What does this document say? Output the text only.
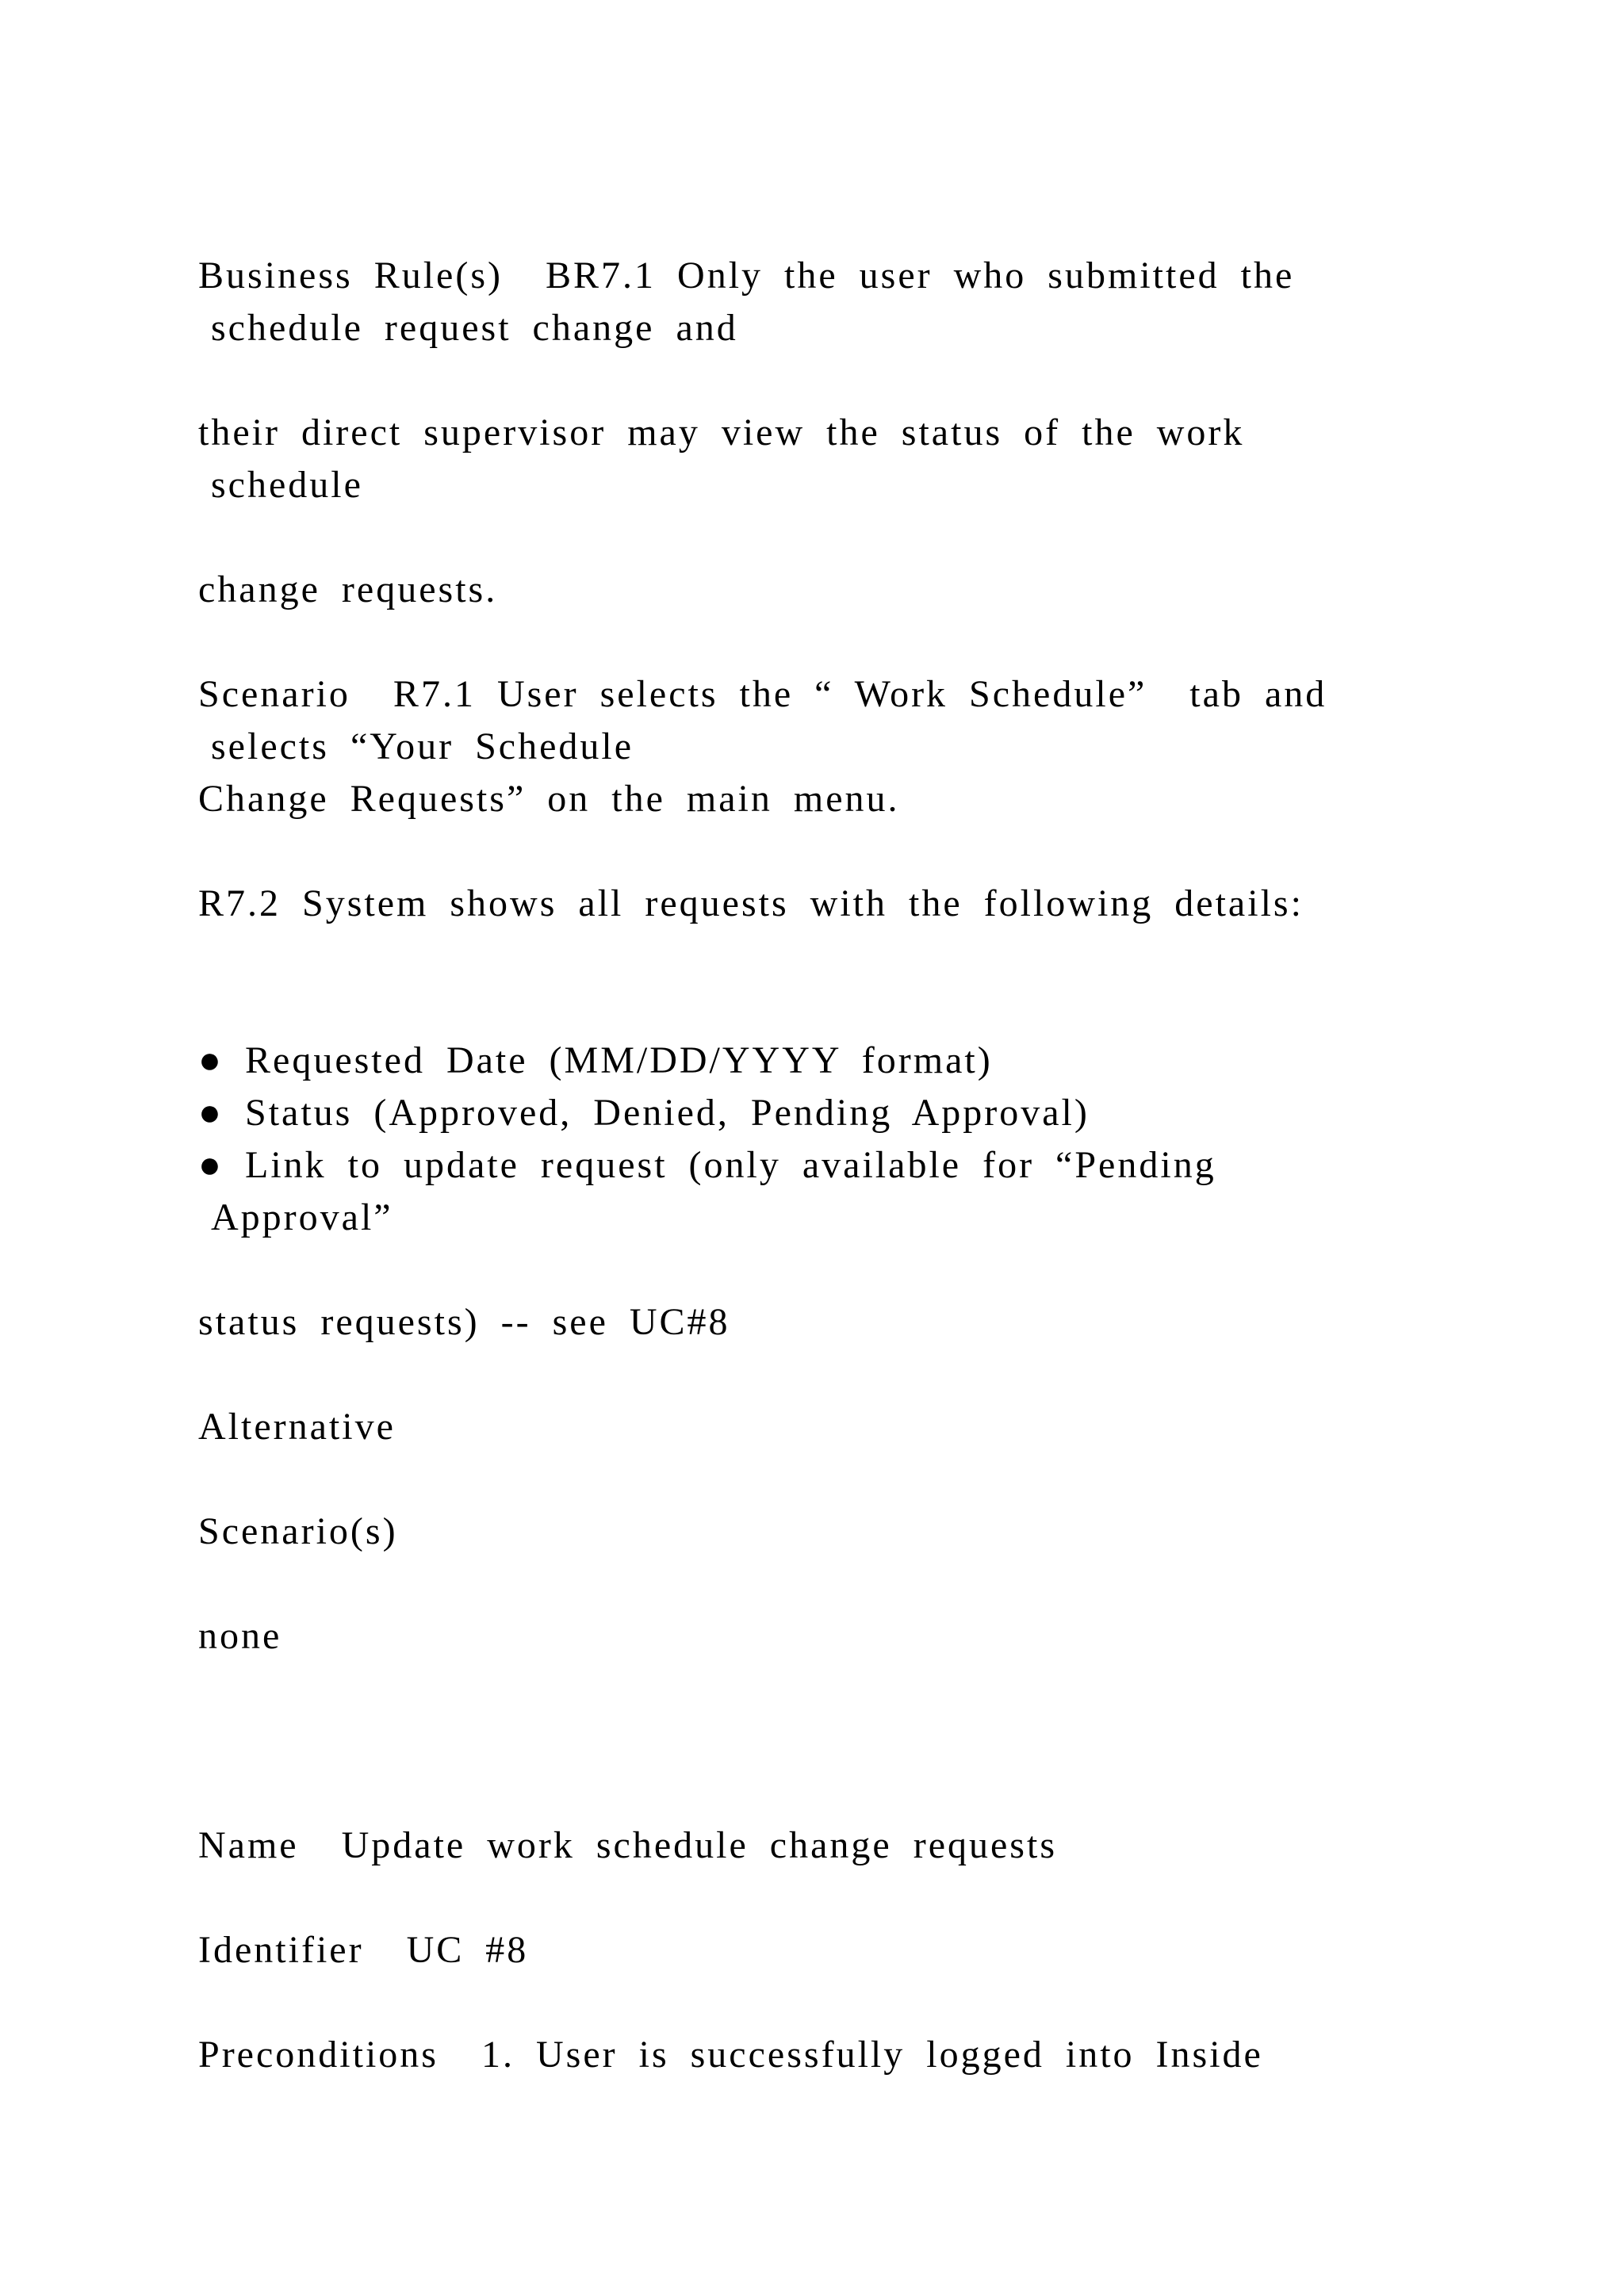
Business Rule(s)  BR7.1 Only the user who submitted the

schedule request change and

their direct supervisor may view the status of the work

schedule

change requests.

Scenario  R7.1 User selects the “ Work Schedule”  tab and

selects “Your Schedule

Change Requests” on the main menu.

R7.2 System shows all requests with the following details:

● Requested Date (MM/DD/YYYY format)

● Status (Approved, Denied, Pending Approval)

● Link to update request (only available for “Pending

Approval”

status requests) -- see UC#8

Alternative

Scenario(s)

none

Name  Update work schedule change requests

Identifier  UC #8

Preconditions  1. User is successfully logged into Inside
